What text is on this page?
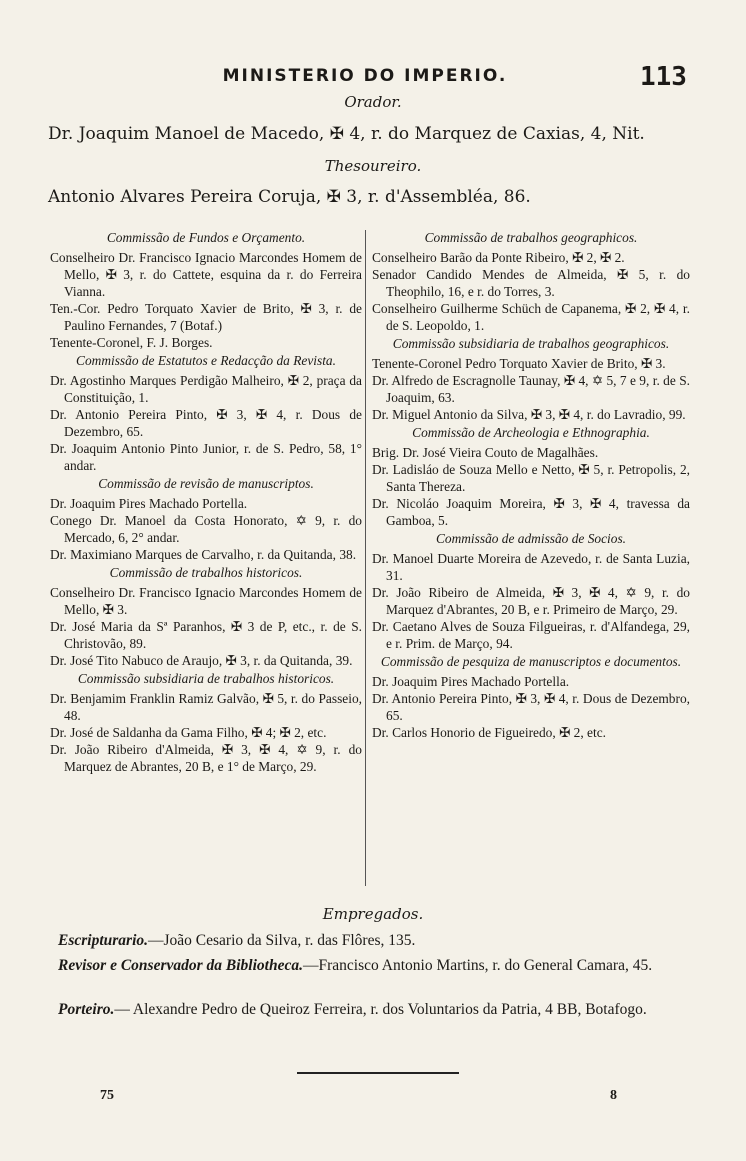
MINISTERIO DO IMPERIO.	113
Orador.
Dr. Joaquim Manoel de Macedo, ✠ 4, r. do Marquez de Caxias, 4, Nit.
Thesoureiro.
Antonio Alvares Pereira Coruja, ✠ 3, r. d'Assembléa, 86.
Commissão de Fundos e Orçamento.
Conselheiro Dr. Francisco Ignacio Marcondes Homem de Mello, ✠ 3, r. do Cattete, esquina da r. do Ferreira Vianna.
Ten.-Cor. Pedro Torquato Xavier de Brito, ✠ 3, r. de Paulino Fernandes, 7 (Botaf.)
Tenente-Coronel, F. J. Borges.
Commissão de Estatutos e Redacção da Revista.
Dr. Agostinho Marques Perdigão Malheiro, ✠ 2, praça da Constituição, 1.
Dr. Antonio Pereira Pinto, ✠ 3, ✠ 4, r. Dous de Dezembro, 65.
Dr. Joaquim Antonio Pinto Junior, r. de S. Pedro, 58, 1° andar.
Commissão de revisão de manuscriptos.
Dr. Joaquim Pires Machado Portella.
Conego Dr. Manoel da Costa Honorato, ✡ 9, r. do Mercado, 6, 2° andar.
Dr. Maximiano Marques de Carvalho, r. da Quitanda, 38.
Commissão de trabalhos historicos.
Conselheiro Dr. Francisco Ignacio Marcondes Homem de Mello, ✠ 3.
Dr. José Maria da Sª Paranhos, ✠ 3 de P, etc., r. de S. Christovão, 89.
Dr. José Tito Nabuco de Araujo, ✠ 3, r. da Quitanda, 39.
Commissão subsidiaria de trabalhos historicos.
Dr. Benjamim Franklin Ramiz Galvão, ✠ 5, r. do Passeio, 48.
Dr. José de Saldanha da Gama Filho, ✠ 4; ✠ 2, etc.
Dr. João Ribeiro d'Almeida, ✠ 3, ✠ 4, ✡ 9, r. do Marquez de Abrantes, 20 B, e 1° de Março, 29.
Commissão de trabalhos geographicos.
Conselheiro Barão da Ponte Ribeiro, ✠ 2, ✠ 2.
Senador Candido Mendes de Almeida, ✠ 5, r. do Theophilo, 16, e r. do Torres, 3.
Conselheiro Guilherme Schüch de Capanema, ✠ 2, ✠ 4, r. de S. Leopoldo, 1.
Commissão subsidiaria de trabalhos geographicos.
Tenente-Coronel Pedro Torquato Xavier de Brito, ✠ 3.
Dr. Alfredo de Escragnolle Taunay, ✠ 4, ✡ 5, 7 e 9, r. de S. Joaquim, 63.
Dr. Miguel Antonio da Silva, ✠ 3, ✠ 4, r. do Lavradio, 99.
Commissão de Archeologia e Ethnographia.
Brig. Dr. José Vieira Couto de Magalhães.
Dr. Ladisláo de Souza Mello e Netto, ✠ 5, r. Petropolis, 2, Santa Thereza.
Dr. Nicoláo Joaquim Moreira, ✠ 3, ✠ 4, travessa da Gamboa, 5.
Commissão de admissão de Socios.
Dr. Manoel Duarte Moreira de Azevedo, r. de Santa Luzia, 31.
Dr. João Ribeiro de Almeida, ✠ 3, ✠ 4, ✡ 9, r. do Marquez d'Abrantes, 20 B, e r. Primeiro de Março, 29.
Dr. Caetano Alves de Souza Filgueiras, r. d'Alfandega, 29, e r. Prim. de Março, 94.
Commissão de pesquiza de manuscriptos e documentos.
Dr. Joaquim Pires Machado Portella.
Dr. Antonio Pereira Pinto, ✠ 3, ✠ 4, r. Dous de Dezembro, 65.
Dr. Carlos Honorio de Figueiredo, ✠ 2, etc.
Empregados.
Escripturario.—João Cesario da Silva, r. das Flôres, 135.
Revisor e Conservador da Bibliotheca.—Francisco Antonio Martins, r. do General Camara, 45.
Porteiro.— Alexandre Pedro de Queiroz Ferreira, r. dos Voluntarios da Patria, 4 BB, Botafogo.
75	8
